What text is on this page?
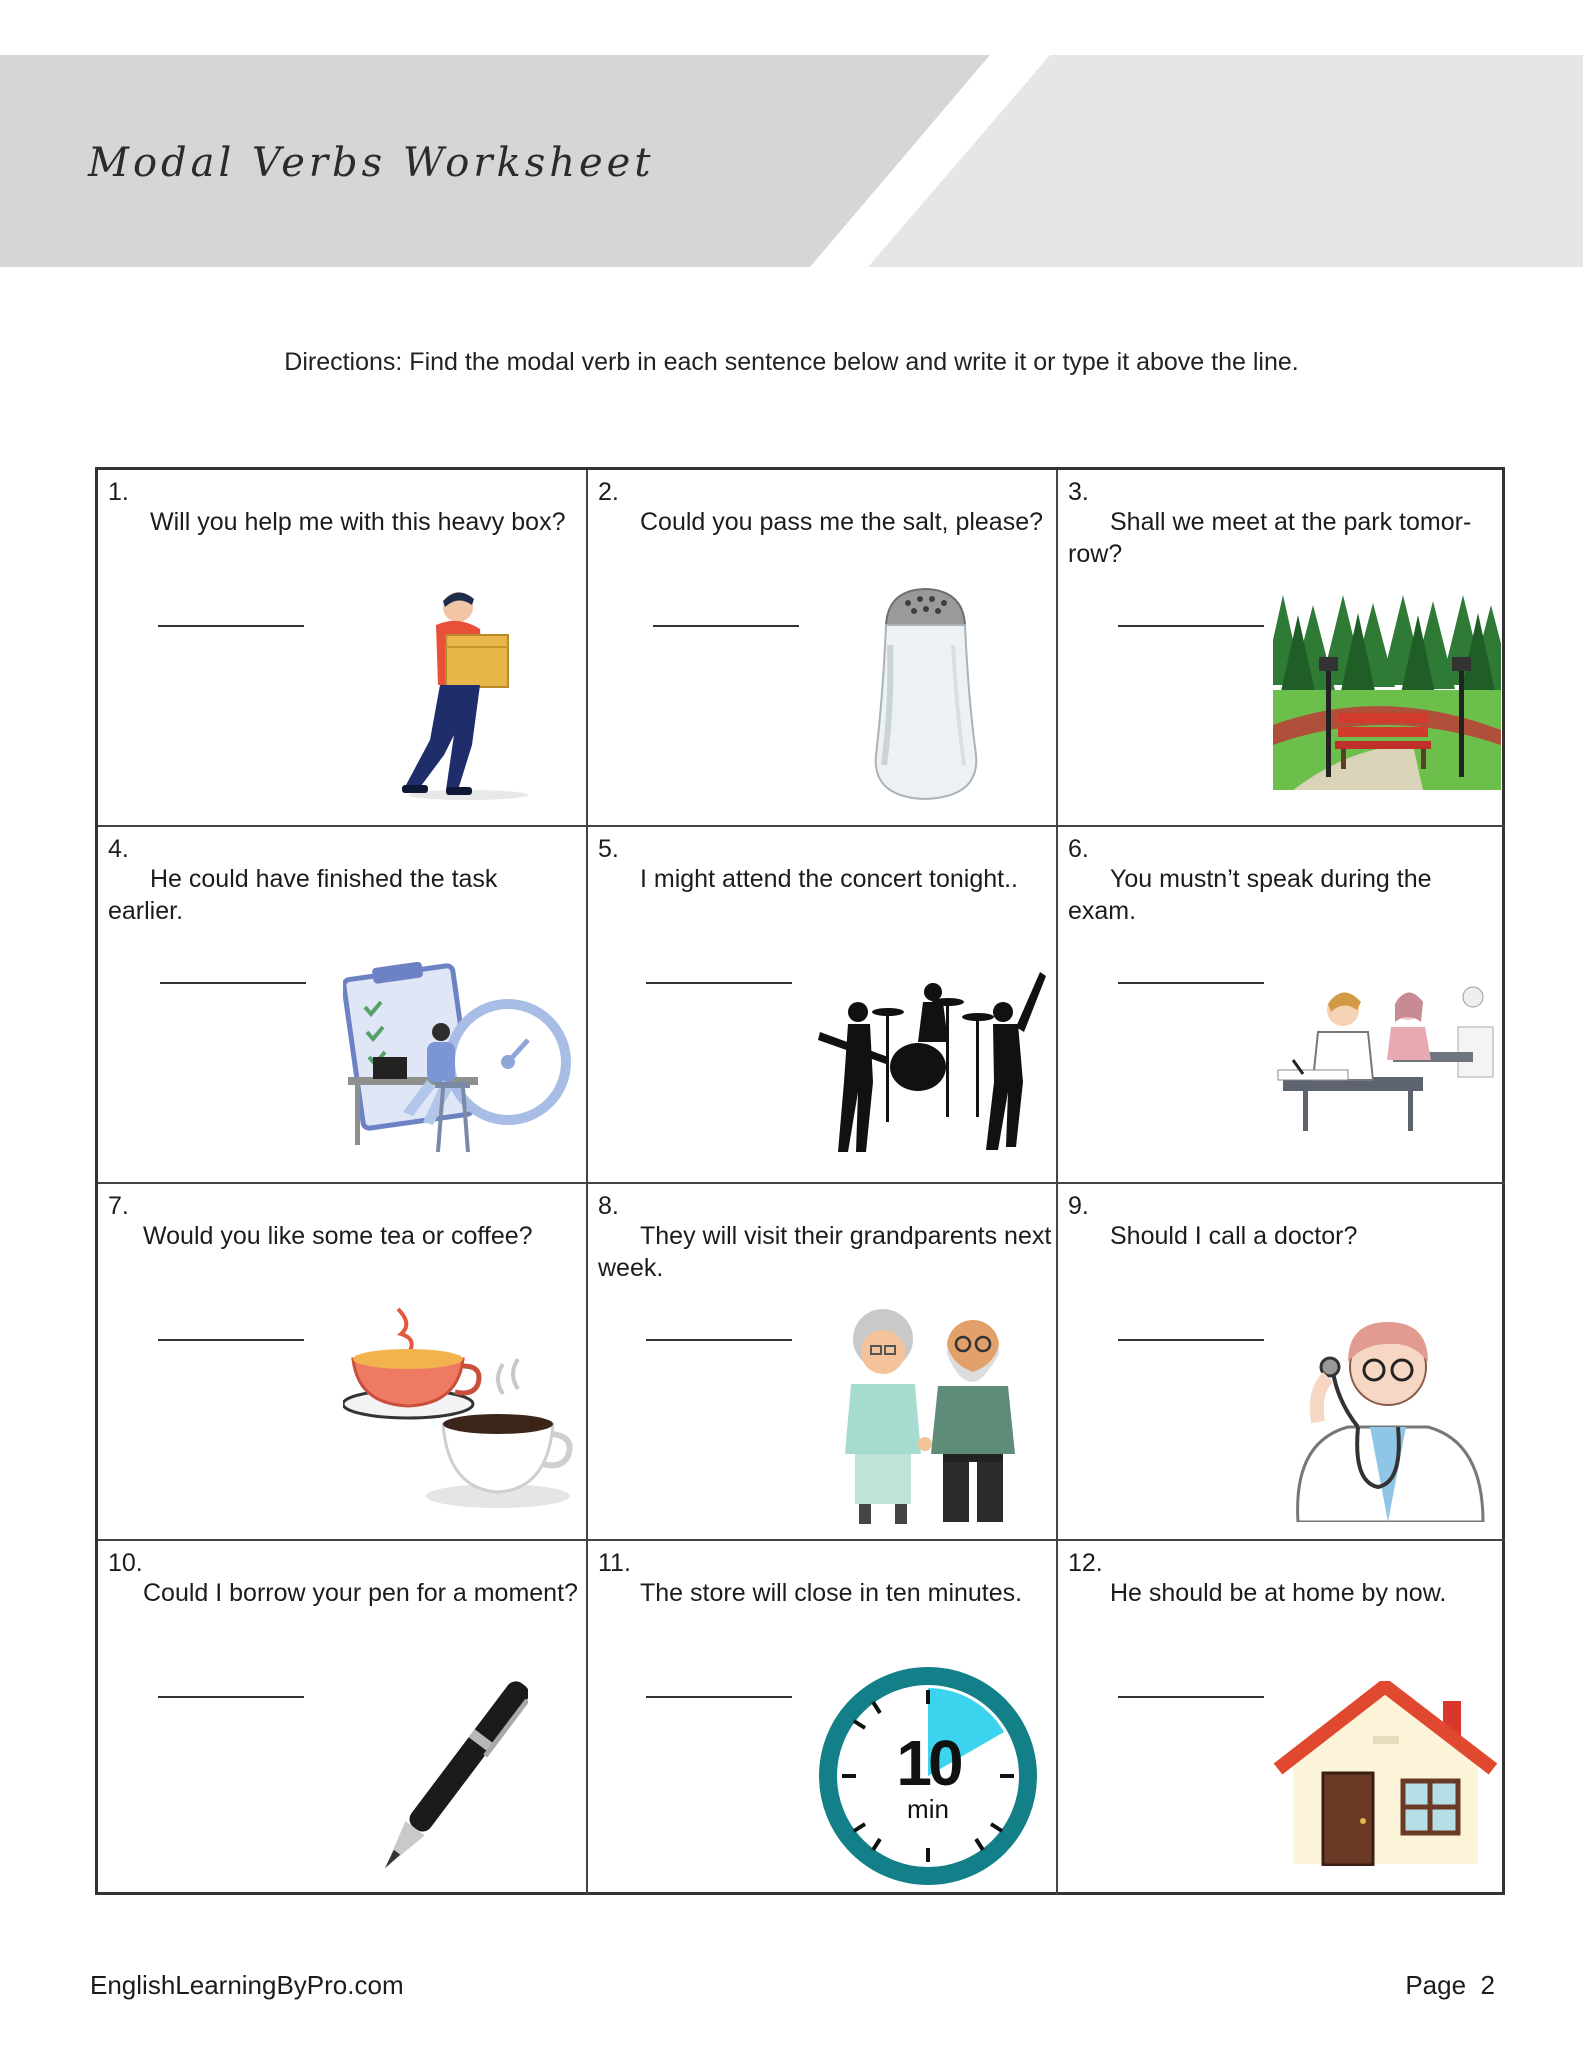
Modal Verbs Worksheet
Directions: Find the modal verb in each sentence below and write it or type it above the line.
1.
Will you help me with this heavy box?
2.
Could you pass me the salt, please?
3.
Shall we meet at the park tomor-row?
4.
He could have finished the task earlier.
5.
I might attend the concert tonight..
6.
You mustn’t speak during the exam.
7.
Would you like some tea or coffee?
8.
They will visit their grandparents next week.
9.
Should I call a doctor?
10.
Could I borrow your pen for a moment?
11.
The store will close in ten minutes.
10
min
12.
He should be at home by now.
EnglishLearningByPro.com	Page 2
